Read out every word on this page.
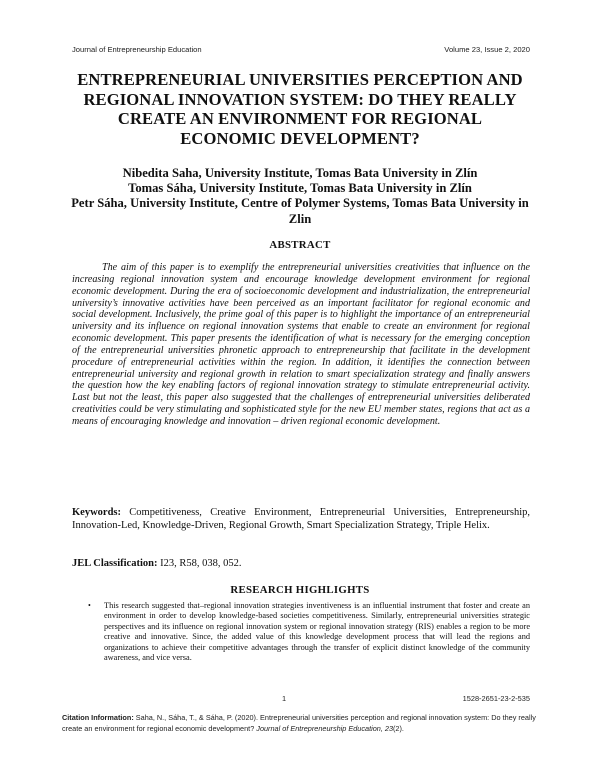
Journal of Entrepreneurship Education	Volume 23, Issue 2, 2020
ENTREPRENEURIAL UNIVERSITIES PERCEPTION AND REGIONAL INNOVATION SYSTEM: DO THEY REALLY CREATE AN ENVIRONMENT FOR REGIONAL ECONOMIC DEVELOPMENT?
Nibedita Saha, University Institute, Tomas Bata University in Zlín
Tomas Sáha, University Institute, Tomas Bata University in Zlín
Petr Sáha, University Institute, Centre of Polymer Systems, Tomas Bata University in Zlin
ABSTRACT

The aim of this paper is to exemplify the entrepreneurial universities creativities that influence on the increasing regional innovation system and encourage knowledge development environment for regional economic development. During the era of socioeconomic development and industrialization, the entrepreneurial university’s innovative activities have been perceived as an important facilitator for regional economic and social development. Inclusively, the prime goal of this paper is to highlight the importance of an entrepreneurial university and its influence on regional innovation systems that enable to create an environment for regional economic development. This paper presents the identification of what is necessary for the emerging conception of the entrepreneurial universities phronetic approach to entrepreneurship that facilitate in the development procedure of entrepreneurial activities within the region. In addition, it identifies the connection between entrepreneurial university and regional growth in relation to smart specialization strategy and finally answers the question how the key enabling factors of regional innovation strategy to stimulate entrepreneurial activity. Last but not the least, this paper also suggested that the challenges of entrepreneurial universities deliberated creativities could be very stimulating and sophisticated style for the new EU member states, regions that act as a means of encouraging knowledge and innovation – driven regional economic development.

Keywords: Competitiveness, Creative Environment, Entrepreneurial Universities, Entrepreneurship, Innovation-Led, Knowledge-Driven, Regional Growth, Smart Specialization Strategy, Triple Helix.

JEL Classification: I23, R58, 038, 052.

RESEARCH HIGHLIGHTS
• This research suggested that–regional innovation strategies inventiveness is an influential instrument that foster and create an environment in order to develop knowledge-based societies competitiveness. Similarly, entrepreneurial universities strategic perspectives and its influence on regional innovation system or regional innovation strategy (RIS) enables a region to be more creative and innovative. Since, the added value of this knowledge development process that will lead the regions and organizations to achieve their competitive advantages through the transfer of explicit distinct knowledge of the community awareness, and vice versa.
1	1528-2651-23-2-535
Citation Information: Saha, N., Sáha, T., & Sáha, P. (2020). Entrepreneurial universities perception and regional innovation system: Do they really create an environment for regional economic development? Journal of Entrepreneurship Education, 23(2).
